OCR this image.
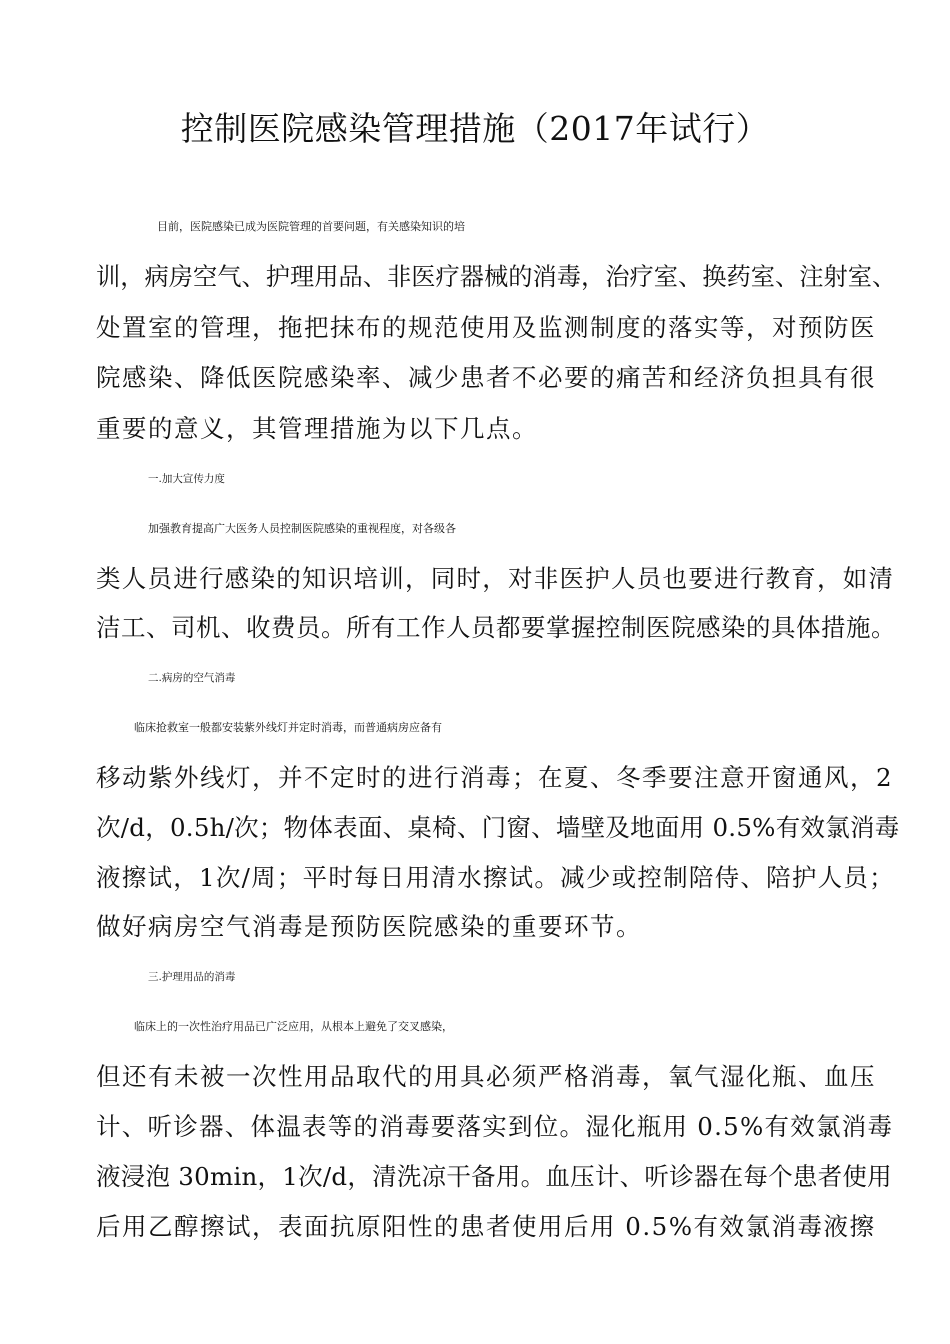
控制医院感染管理措施（2017年试行）
目前，医院感染已成为医院管理的首要问题，有关感染知识的培
训，病房空气、护理用品、非医疗器械的消毒，治疗室、换药室、注射室、
处置室的管理，拖把抹布的规范使用及监测制度的落实等，对预防医
院感染、降低医院感染率、减少患者不必要的痛苦和经济负担具有很
重要的意义，其管理措施为以下几点。
一.加大宣传力度
加强教育提高广大医务人员控制医院感染的重视程度，对各级各
类人员进行感染的知识培训，同时，对非医护人员也要进行教育，如清
洁工、司机、收费员。所有工作人员都要掌握控制医院感染的具体措施。
二.病房的空气消毒
临床抢救室一般都安装紫外线灯并定时消毒，而普通病房应备有
移动紫外线灯，并不定时的进行消毒；在夏、冬季要注意开窗通风，2
次/d，0.5h/次；物体表面、桌椅、门窗、墙壁及地面用 0.5%有效氯消毒
液擦试，1次/周；平时每日用清水擦试。减少或控制陪侍、陪护人员；
做好病房空气消毒是预防医院感染的重要环节。
三.护理用品的消毒
临床上的一次性治疗用品已广泛应用，从根本上避免了交叉感染，
但还有未被一次性用品取代的用具必须严格消毒，氧气湿化瓶、血压
计、听诊器、体温表等的消毒要落实到位。湿化瓶用 0.5%有效氯消毒
液浸泡 30min，1次/d，清洗凉干备用。血压计、听诊器在每个患者使用
后用乙醇擦试，表面抗原阳性的患者使用后用 0.5%有效氯消毒液擦
